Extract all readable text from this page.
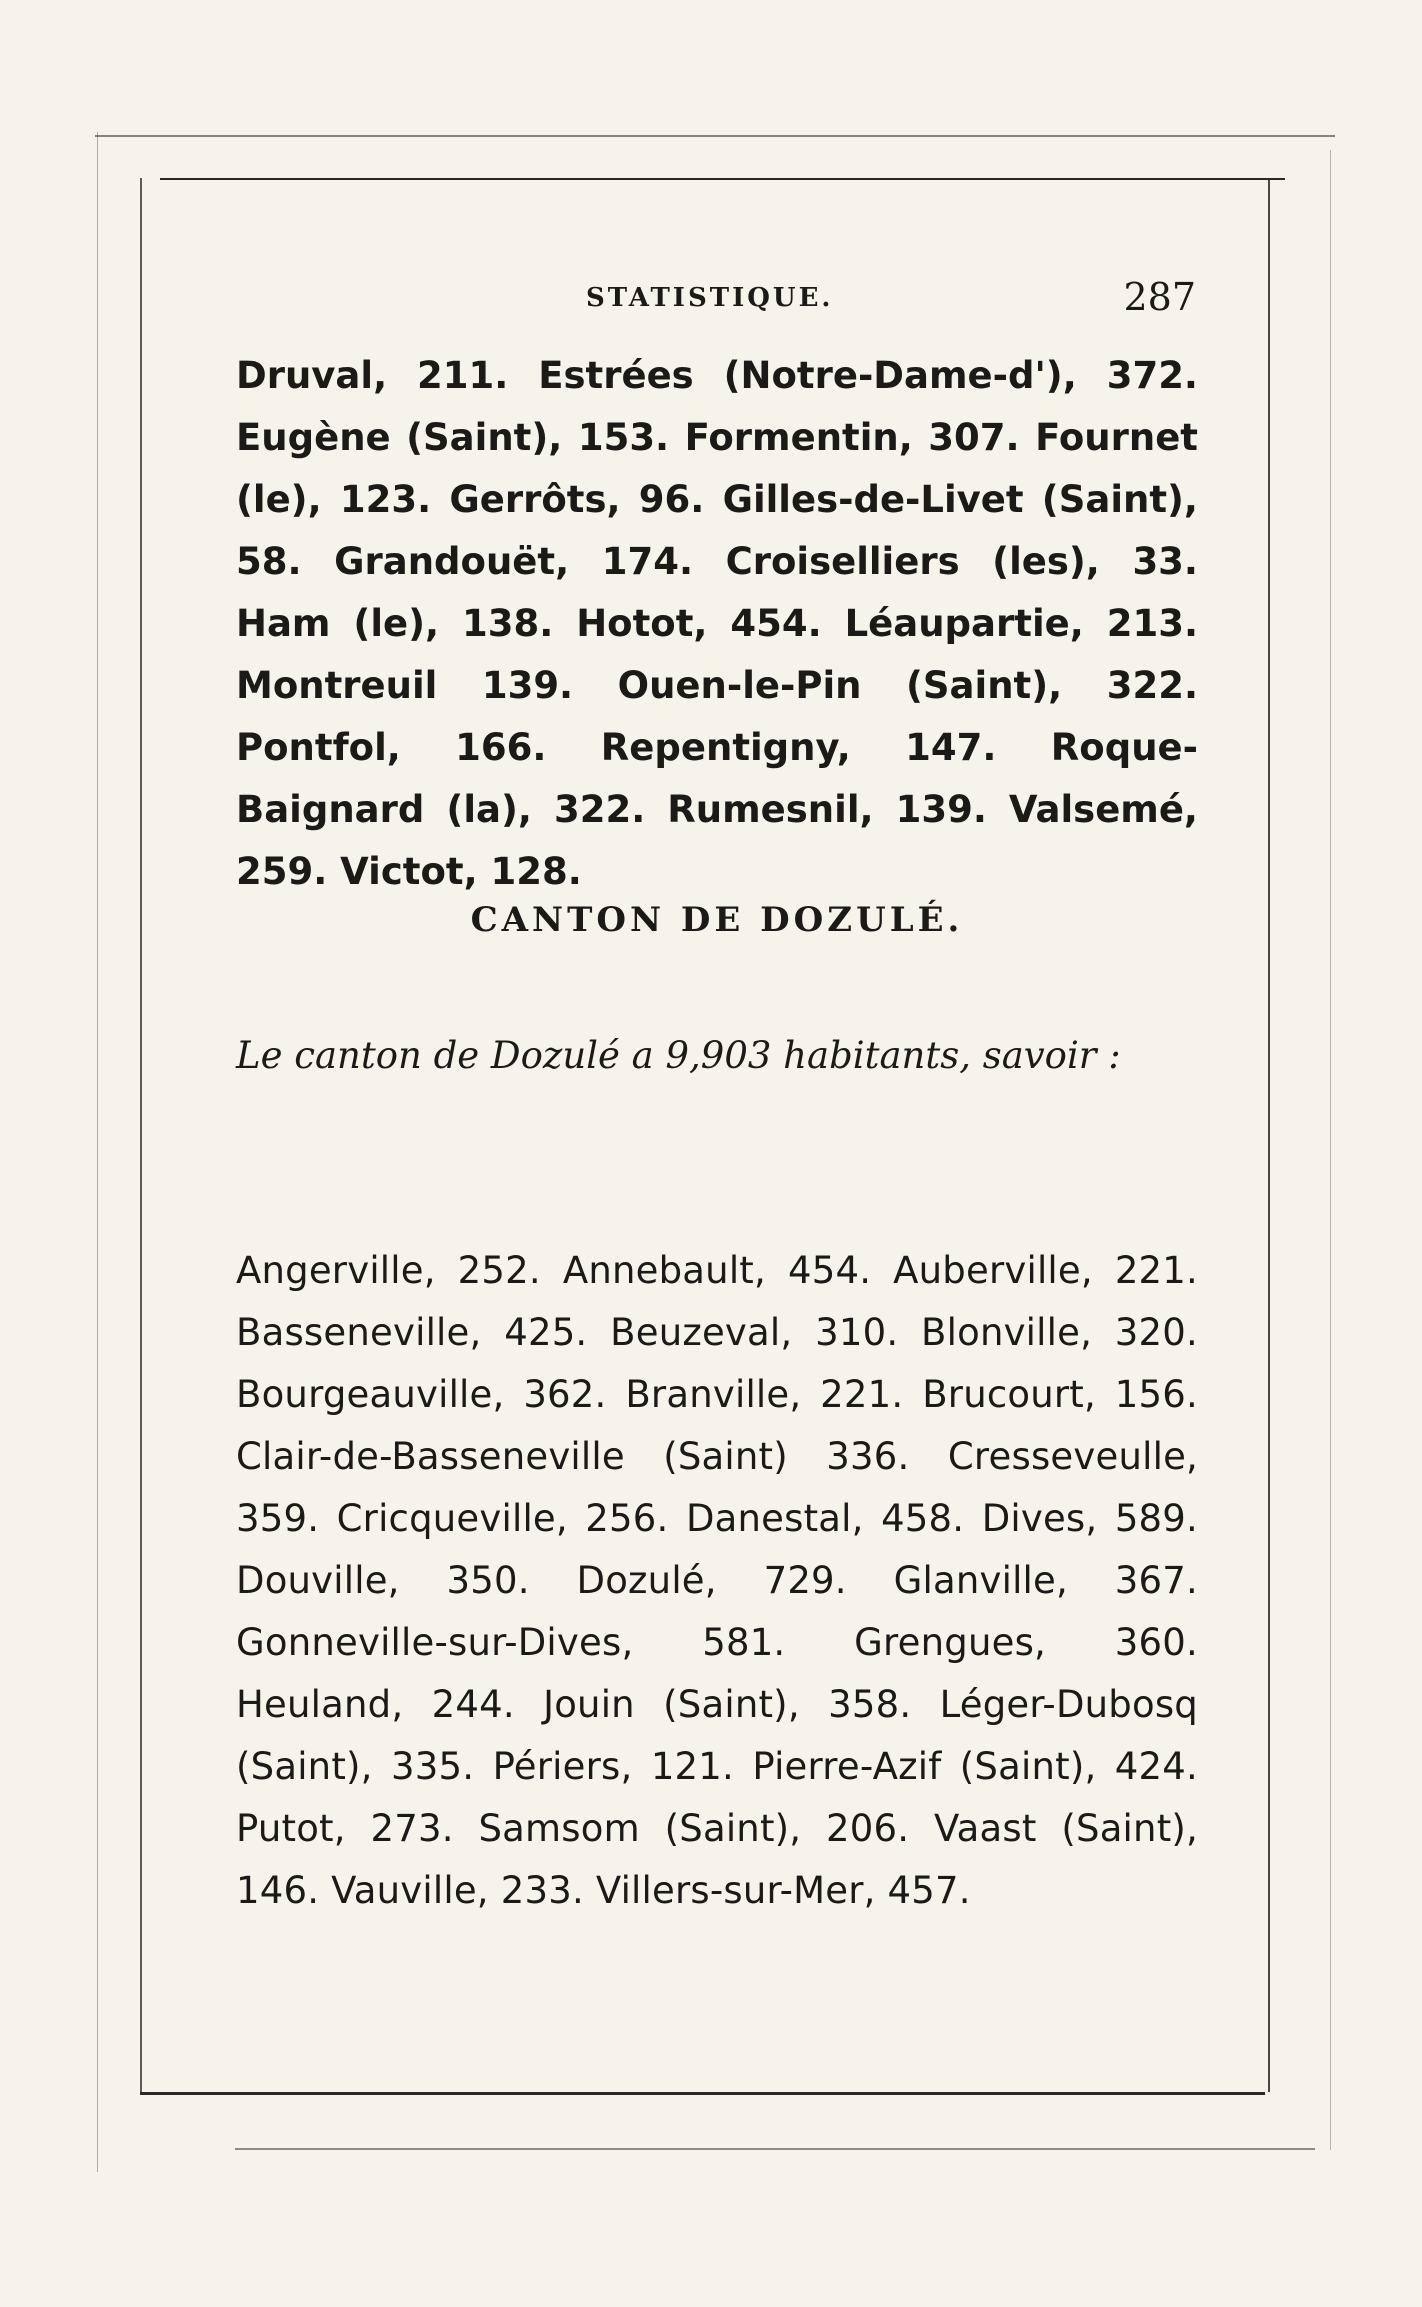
STATISTIQUE.	287

Druval, 211. Estrées (Notre-Dame-d'), 372. Eugène (Saint), 153. Formentin, 307. Fournet (le), 123. Gerrôts, 96. Gilles-de-Livet (Saint), 58. Grandouët, 174. Croiselliers (les), 33. Ham (le), 138. Hotot, 454. Léaupartie, 213. Montreuil 139. Ouen-le-Pin (Saint), 322. Pontfol, 166. Repentigny, 147. Roque-Baignard (la), 322. Rumesnil, 139. Valsemé, 259. Victot, 128.

CANTON DE DOZULÉ.

Le canton de Dozulé a 9,903 habitants, savoir :

Angerville, 252. Annebault, 454. Auberville, 221. Basseneville, 425. Beuzeval, 310. Blonville, 320. Bourgeauville, 362. Branville, 221. Brucourt, 156. Clair-de-Basseneville (Saint) 336. Cresseveulle, 359. Cricqueville, 256. Danestal, 458. Dives, 589. Douville, 350. Dozulé, 729. Glanville, 367. Gonneville-sur-Dives, 581. Grengues, 360. Heuland, 244. Jouin (Saint), 358. Léger-Dubosq (Saint), 335. Périers, 121. Pierre-Azif (Saint), 424. Putot, 273. Samsom (Saint), 206. Vaast (Saint), 146. Vauville, 233. Villers-sur-Mer, 457.
